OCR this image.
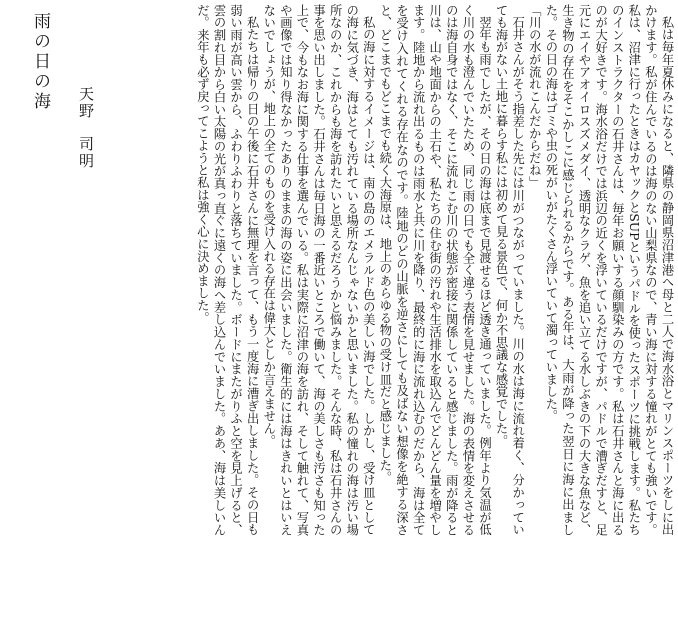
雨の日の海	天野司明	私は毎年夏休みになると、隣県の静岡県沼津港へ母と二人で海水浴とマリンスポーツをしに出かけます。私が住んでいるのは海のない山梨県なので、青い海に対する憧れがとても強いです。私は、沼津に行ったときはカヤックとSUPというパドルを使ったスポーツに挑戦します。私たちのインストラクターの石井さんは、毎年お願いする顔馴染みの方です。私は石井さんと海に出るのが大好きです。海水浴だけでは浜辺の近くを浮いているだけですが、パドルで漕ぎだすと、足元にエイやアオイロスズメダイ、透明なクラゲ、魚を追い立てる水しぶきの下の大きな魚など、生き物の存在をそこかしこに感じられるからです。ある年は、大雨が降った翌日に海に出ました。その日の海はゴミや虫の死がいがたくさん浮いていて濁っていました。

「川の水が流れこんだからだね」

石井さんがそう指差した先には川がつながっていました。川の水は海に流れ着く、分かっていても海がない土地に暮らす私には初めて見る景色で、何か不思議な感覚でした。

翌年も雨でしたが、その日の海は底まで見渡せるほど透き通っていました。例年より気温が低く川の水も澄んでいたため、同じ雨の日でも全く違う表情を見せました。海の表情を変えさせるのは海自身ではなく、そこに流れこむ川の状態が密接に関係していると感じました。雨が降ると川は、山や地面からの土石や、私たちの住む街の汚れや生活排水を取込んでどんどん量を増やします。陸地から流れ出るものは雨水と共に川を降り、最終的に海に流れ込むのだから、海は全てを受け入れてくれる存在なのです。陸地のどの山脈を逆さにしても及ばない想像を絶する深さと、どこまでもどこまでも続く大海原は、地上のあらゆる物の受け皿だと感じました。

私の海に対するイメージは、南の島のエメラルド色の美しい海でした。しかし、受け皿としての海に気づき、海はとても汚れている場所なんじゃないかと思いました。私の憧れの海は汚い場所なのか、これからも海を訪れたいと思えるだろうかと悩みました。そんな時、私は石井さんの事を思い出しました。石井さんは毎日海の一番近いところで働いて、海の美しさも汚さも知った上で、今もなお海に関する仕事を選んでいる。私は実際に沼津の海を訪れ、そして触れて、写真や画像では知り得なかったありのままの海の姿に出会いました。衛生的には海はきれいとはいえないでしょうが、地上の全てのものを受け入れる存在は偉大としか言えません。

私たちは帰りの日の午後に石井さんに無理を言って、もう一度海に漕ぎ出しました。その日も弱い雨が高い雲から、ふわりふわりと落ちていました。ボードにまたがりふと空を見上げると、雲の割れ目から白い太陽の光が真っ直ぐに遠くの海へ差し込んでいました。ああ、海は美しいんだ。来年も必ず戻ってこようと私は強く心に決めました。
